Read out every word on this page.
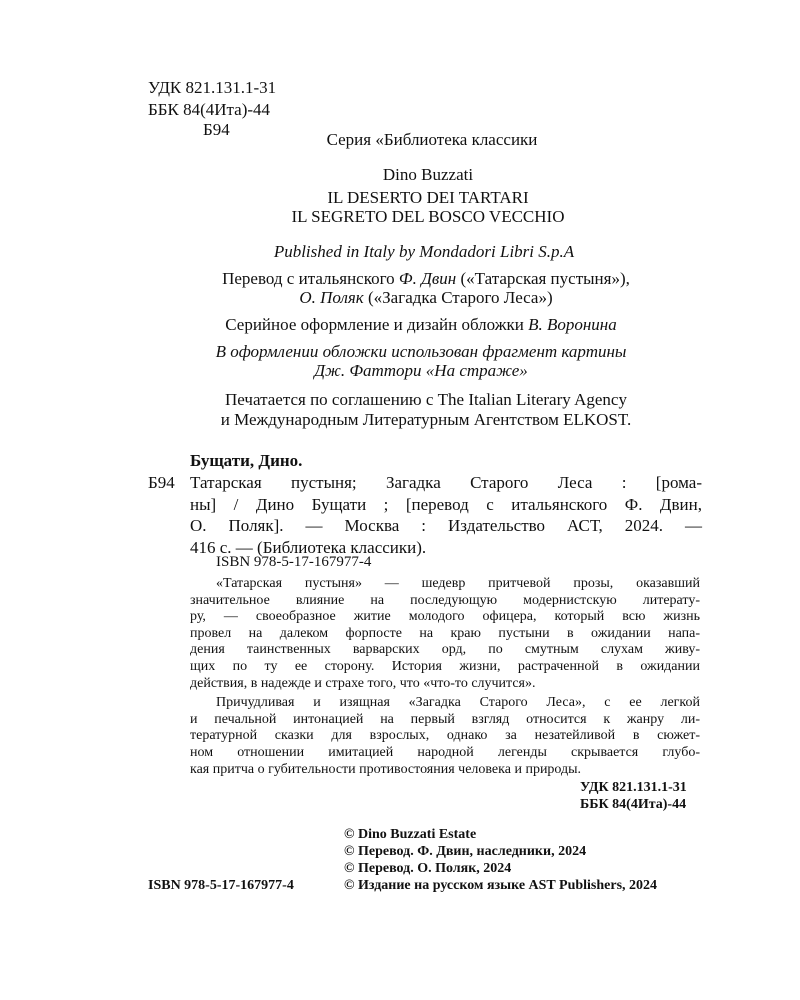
УДК 821.131.1-31
ББК 84(4Ита)-44
Б94
Серия «Библиотека классики
Dino Buzzati
IL DESERTO DEI TARTARI
IL SEGRETO DEL BOSCO VECCHIO
Published in Italy by Mondadori Libri S.p.A
Перевод с итальянского Ф. Двин («Татарская пустыня»),
О. Поляк («Загадка Старого Леса»)
Серийное оформление и дизайн обложки В. Воронина
В оформлении обложки использован фрагмент картины
Дж. Фаттори «На страже»
Печатается по соглашению с The Italian Literary Agency
и Международным Литературным Агентством ELKOST.
Бущати, Дино.
Б94 Татарская пустыня; Загадка Старого Леса : [рома-
ны] / Дино Бущати ; [перевод с итальянского Ф. Двин,
О. Поляк]. — Москва : Издательство АСТ, 2024. —
416 с. — (Библиотека классики).
ISBN 978-5-17-167977-4
«Татарская пустыня» — шедевр притчевой прозы, оказавший
значительное влияние на последующую модернистскую литерату-
ру, — своеобразное житие молодого офицера, который всю жизнь
провел на далеком форпосте на краю пустыни в ожидании напа-
дения таинственных варварских орд, по смутным слухам живу-
щих по ту ее сторону. История жизни, растраченной в ожидании
действия, в надежде и страхе того, что «что-то случится».
Причудливая и изящная «Загадка Старого Леса», с ее легкой
и печальной интонацией на первый взгляд относится к жанру ли-
тературной сказки для взрослых, однако за незатейливой в сюжет-
ном отношении имитацией народной легенды скрывается глубо-
кая притча о губительности противостояния человека и природы.
УДК 821.131.1-31
ББК 84(4Ита)-44
© Dino Buzzati Estate
© Перевод. Ф. Двин, наследники, 2024
© Перевод. О. Поляк, 2024
© Издание на русском языке AST Publishers, 2024
ISBN 978-5-17-167977-4
